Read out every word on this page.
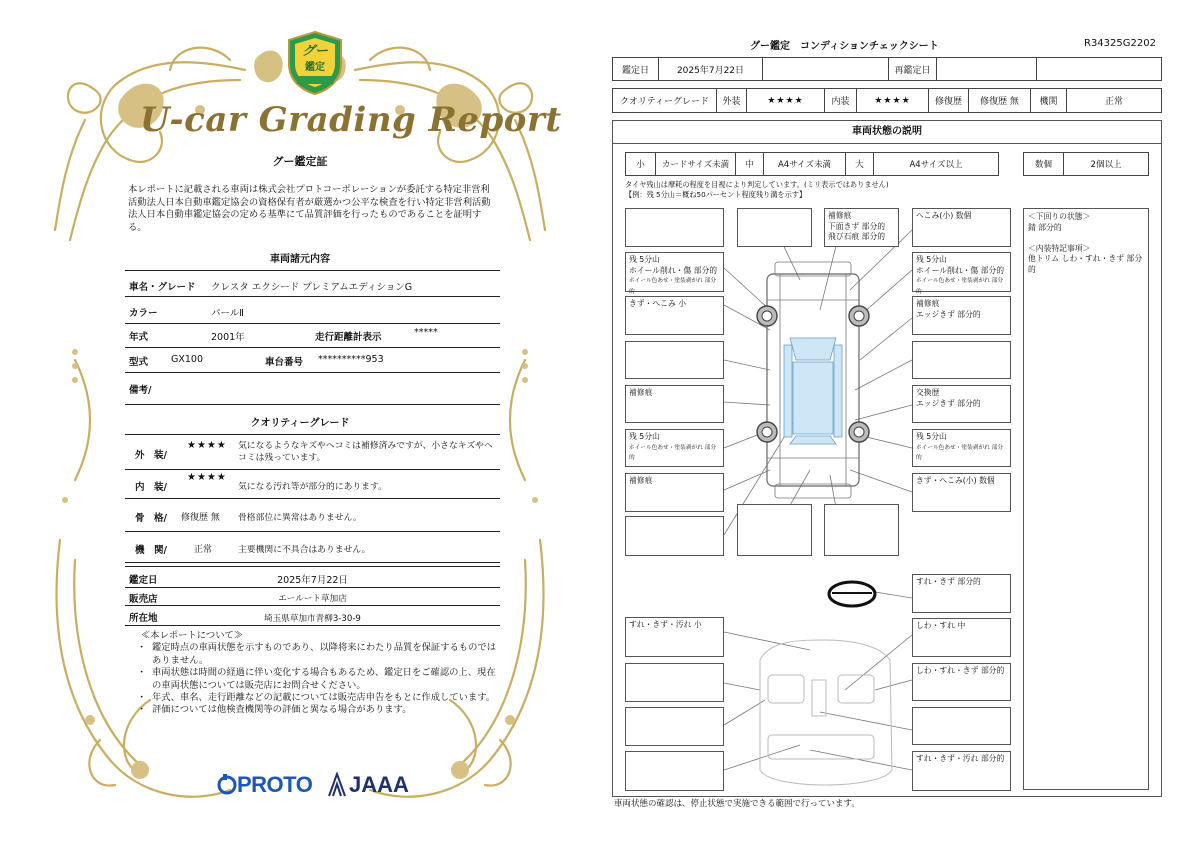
グー
鑑定
U-car Grading Report
グー鑑定証
本レポートに記載される車両は株式会社プロトコーポレーションが委託する特定非営利活動法人日本自動車鑑定協会の資格保有者が厳選かつ公平な検査を行い特定非営利活動法人日本自動車鑑定協会の定める基準にて品質評価を行ったものであることを証明する。
車両諸元内容
車名・グレード クレスタ エクシード プレミアムエディションG
カラー	パールⅡ
年式	2001年	走行距離計表示	*****
型式 GX100	車台番号 **********953
備考/
クオリティーグレード
外　装/
★★★★ 気になるようなキズやヘコミは補修済みですが、小さなキズやヘコミは残っています。
内　装/
★★★★
気になる汚れ等が部分的にあります。
骨　格/ 修復歴 無 骨格部位に異常はありません。
機　関/	正常	主要機関に不具合はありません。
鑑定日	2025年7月22日
販売店	エールート草加店
所在地	埼玉県草加市青柳3-30-9
≪本レポートについて≫
・ 鑑定時点の車両状態を示すものであり、以降将来にわたり品質を保証するものではありません。
・ 車両状態は時間の経過に伴い変化する場合もあるため、鑑定日をご確認の上、現在の車両状態については販売店にお問合せください。
・ 年式、車名、走行距離などの記載については販売店申告をもとに作成しています。
・ 評価については他検査機関等の評価と異なる場合があります。
PROTO JAAA
グー鑑定　コンディションチェックシート	R34325G2202
鑑定日	2025年7月22日		再鑑定日		
クオリティーグレード	外装	★★★★	内装	★★★★	修復歴	修復歴 無	機関	正常
車両状態の説明
小	カードサイズ未満	中	A4サイズ未満	大	A4サイズ以上	数個	2個以上
タイヤ残山は摩耗の程度を目視により判定しています。(ミリ表示ではありません)
【例：残 5分山＝概ね50パーセント程度残り溝を示す】
残 5分山
ホイール削れ・傷 部分的
ホイール色あせ・塗装剥がれ 部分的
きず・へこみ 小
補修痕
残 5分山
ホイール色あせ・塗装剥がれ 部分的
補修痕
補修痕
下面きず 部分的
飛び石痕 部分的
へこみ(小) 数個
残 5分山
ホイール削れ・傷 部分的
ホイール色あせ・塗装剥がれ 部分的
補修痕
エッジきず 部分的
交換歴
エッジきず 部分的
残 5分山
ホイール色あせ・塗装剥がれ 部分的
きず・へこみ(小) 数個
すれ・きず 部分的
すれ・きず・汚れ 小	しわ・すれ 中
しわ・すれ・きず 部分的
すれ・きず・汚れ 部分的
＜下回りの状態＞
錆 部分的

＜内装特記事項＞
他トリム しわ・すれ・きず 部分的
車両状態の確認は、停止状態で実施できる範囲で行っています。
